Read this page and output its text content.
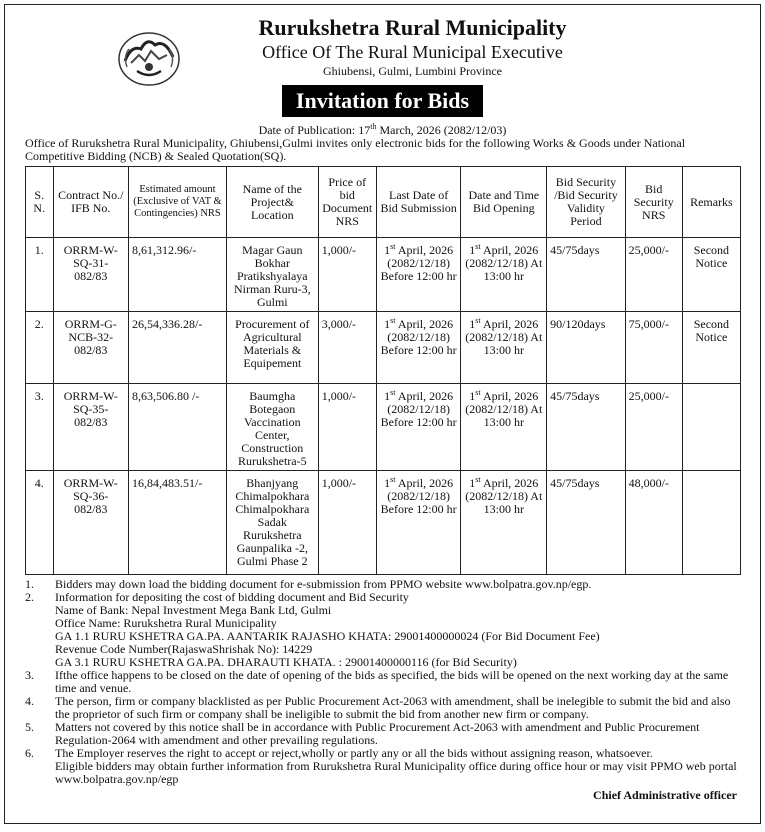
Rurukshetra Rural Municipality
Office Of The Rural Municipal Executive
Ghiubensi, Gulmi, Lumbini Province
Invitation for Bids
Date of Publication: 17th March, 2026 (2082/12/03)
Office of Rurukshetra Rural Municipality, Ghiubensi,Gulmi invites only electronic bids for the following Works & Goods under National Competitive Bidding (NCB) & Sealed Quotation(SQ).
S. N.	Contract No./ IFB No.	Estimated amount (Exclusive of VAT & Contingencies) NRS	Name of the Project& Location	Price of bid Document NRS	Last Date of Bid Submission	Date and Time Bid Opening	Bid Security /Bid Security Validity Period	Bid Security NRS	Remarks
1.	ORRM-W-SQ-31-082/83	8,61,312.96/-	Magar Gaun Bokhar Pratikshyalaya Nirman Ruru-3, Gulmi	1,000/-	1st April, 2026 (2082/12/18) Before 12:00 hr	1st April, 2026 (2082/12/18) At 13:00 hr	45/75days	25,000/-	Second Notice
2.	ORRM-G-NCB-32-082/83	26,54,336.28/-	Procurement of Agricultural Materials & Equipement	3,000/-	1st April, 2026 (2082/12/18) Before 12:00 hr	1st April, 2026 (2082/12/18) At 13:00 hr	90/120days	75,000/-	Second Notice
3.	ORRM-W-SQ-35-082/83	8,63,506.80 /-	Baumgha Botegaon Vaccination Center, Construction Rurukshetra-5	1,000/-	1st April, 2026 (2082/12/18) Before 12:00 hr	1st April, 2026 (2082/12/18) At 13:00 hr	45/75days	25,000/-	
4.	ORRM-W-SQ-36-082/83	16,84,483.51/-	Bhanjyang Chimalpokhara Chimalpokhara Sadak Rurukshetra Gaunpalika -2, Gulmi Phase 2	1,000/-	1st April, 2026 (2082/12/18) Before 12:00 hr	1st April, 2026 (2082/12/18) At 13:00 hr	45/75days	48,000/-	
1.	Bidders may down load the bidding document for e-submission from PPMO website www.bolpatra.gov.np/egp.
2.	Information for depositing the cost of bidding document and Bid Security
Name of Bank: Nepal Investment Mega Bank Ltd, Gulmi
Office Name: Rurukshetra Rural Municipality
GA 1.1 RURU KSHETRA GA.PA. AANTARIK RAJASHO KHATA: 29001400000024 (For Bid Document Fee)
Revenue Code Number(RajaswaShrishak No): 14229
GA 3.1 RURU KSHETRA GA.PA. DHARAUTI KHATA. : 29001400000116 (for Bid Security)
3.	Ifthe office happens to be closed on the date of opening of the bids as specified, the bids will be opened on the next working day at the same time and venue.
4.	The person, firm or company blacklisted as per Public Procurement Act-2063 with amendment, shall be inelegible to submit the bid and also the proprietor of such firm or company shall be ineligible to submit the bid from another new firm or company.
5.	Matters not covered by this notice shall be in accordance with Public Procurement Act-2063 with amendment and Public Procurement Regulation-2064 with amendment and other prevailing regulations.
6.	The Employer reserves the right to accept or reject,wholly or partly any or all the bids without assigning reason, whatsoever.
Eligible bidders may obtain further information from Rurukshetra Rural Municipality office during office hour or may visit PPMO web portal www.bolpatra.gov.np/egp
Chief Administrative officer
